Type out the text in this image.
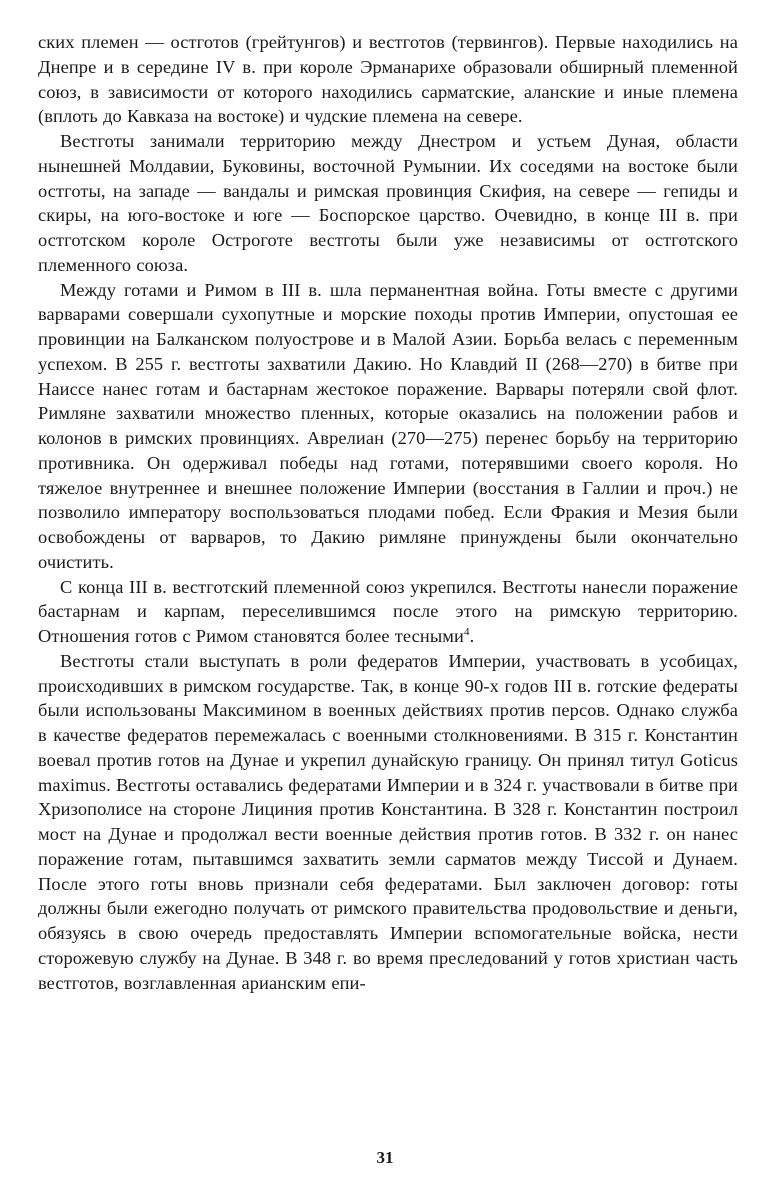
ских племен — остготов (грейтунгов) и вестготов (тервингов). Первые находились на Днепре и в середине IV в. при короле Эрманарихе образовали обширный племенной союз, в зависимости от которого находились сарматские, аланские и иные племена (вплоть до Кавказа на востоке) и чудские племена на севере.

Вестготы занимали территорию между Днестром и устьем Дуная, области нынешней Молдавии, Буковины, восточной Румынии. Их соседями на востоке были остготы, на западе — вандалы и римская провинция Скифия, на севере — гепиды и скиры, на юго-востоке и юге — Боспорское царство. Очевидно, в конце III в. при остготском короле Остроготе вестготы были уже независимы от остготского племенного союза.

Между готами и Римом в III в. шла перманентная война. Готы вместе с другими варварами совершали сухопутные и морские походы против Империи, опустошая ее провинции на Балканском полуострове и в Малой Азии. Борьба велась с переменным успехом. В 255 г. вестготы захватили Дакию. Но Клавдий II (268—270) в битве при Наиссе нанес готам и бастарнам жестокое поражение. Варвары потеряли свой флот. Римляне захватили множество пленных, которые оказались на положении рабов и колонов в римских провинциях. Аврелиан (270—275) перенес борьбу на территорию противника. Он одерживал победы над готами, потерявшими своего короля. Но тяжелое внутреннее и внешнее положение Империи (восстания в Галлии и проч.) не позволило императору воспользоваться плодами побед. Если Фракия и Мезия были освобождены от варваров, то Дакию римляне принуждены были окончательно очистить.

С конца III в. вестготский племенной союз укрепился. Вестготы нанесли поражение бастарнам и карпам, переселившимся после этого на римскую территорию. Отношения готов с Римом становятся более тесными$^4$.

Вестготы стали выступать в роли федератов Империи, участвовать в усобицах, происходивших в римском государстве. Так, в конце 90-х годов III в. готские федераты были использованы Максимином в военных действиях против персов. Однако служба в качестве федератов перемежалась с военными столкновениями. В 315 г. Константин воевал против готов на Дунае и укрепил дунайскую границу. Он принял титул Goticus maximus. Вестготы оставались федератами Империи и в 324 г. участвовали в битве при Хризополисе на стороне Лициния против Константина. В 328 г. Константин построил мост на Дунае и продолжал вести военные действия против готов. В 332 г. он нанес поражение готам, пытавшимся захватить земли сарматов между Тиссой и Дунаем. После этого готы вновь признали себя федератами. Был заключен договор: готы должны были ежегодно получать от римского правительства продовольствие и деньги, обязуясь в свою очередь предоставлять Империи вспомогательные войска, нести сторожевую службу на Дунае. В 348 г. во время преследований у готов христиан часть вестготов, возглавленная арианским епи-

31
